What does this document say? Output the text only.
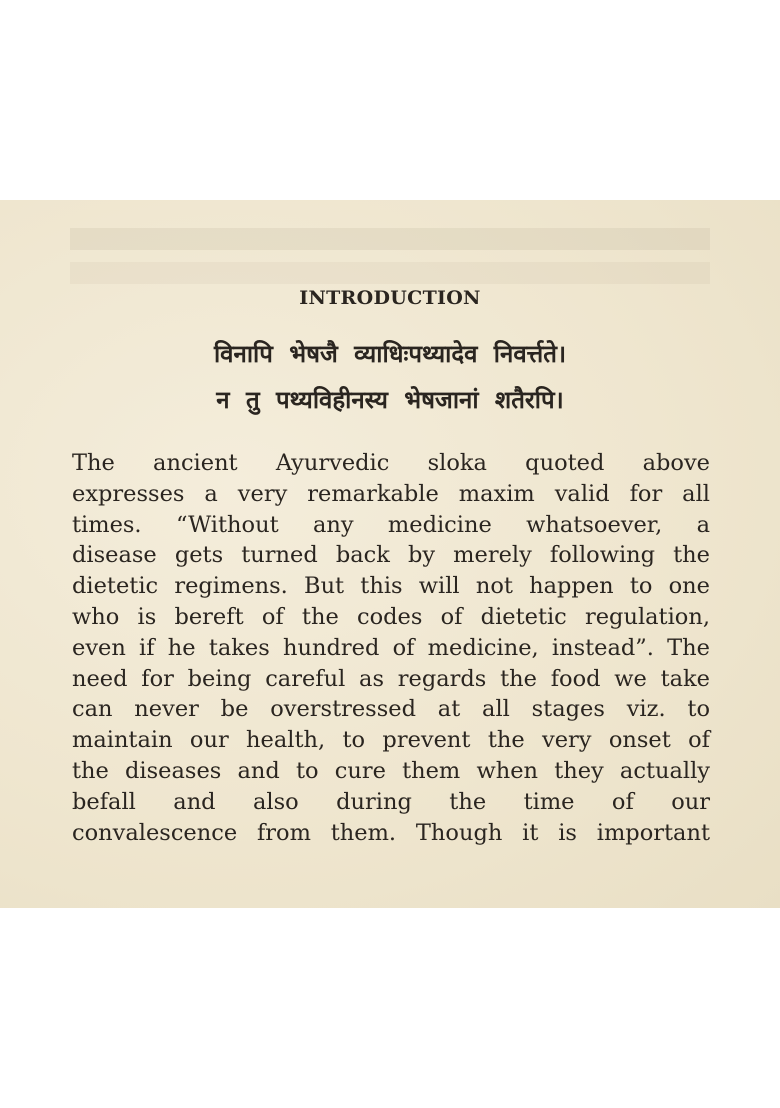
INTRODUCTION
विनापि भेषजै व्याधिःपथ्यादेव निवर्त्तते।
न तु पथ्यविहीनस्य भेषजानां शतैरपि।
The ancient Ayurvedic sloka quoted above
expresses a very remarkable maxim valid for all
times. “Without any medicine whatsoever, a
disease gets turned back by merely following the
dietetic regimens. But this will not happen to one
who is bereft of the codes of dietetic regulation,
even if he takes hundred of medicine, instead”. The
need for being careful as regards the food we take
can never be overstressed at all stages viz. to
maintain our health, to prevent the very onset of
the diseases and to cure them when they actually
befall and also during the time of our
convalescence from them. Though it is important
